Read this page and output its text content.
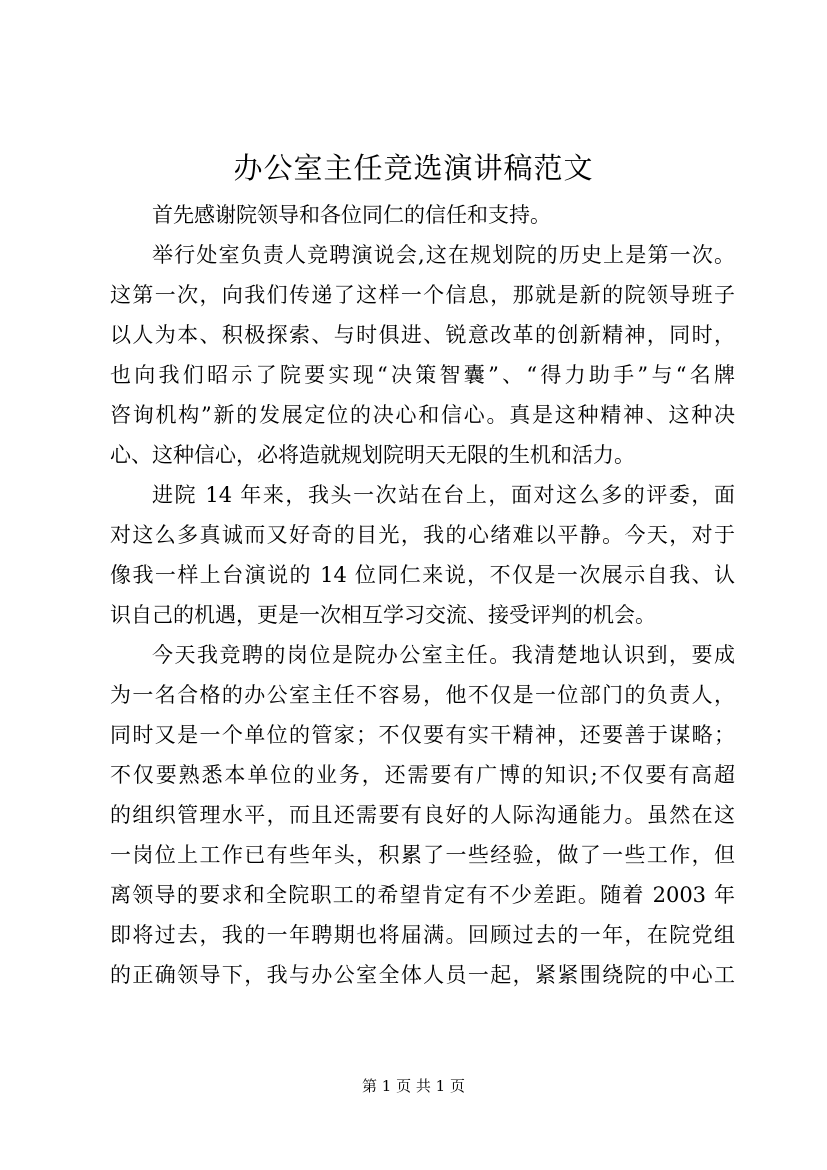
办公室主任竞选演讲稿范文
首先感谢院领导和各位同仁的信任和支持。
举行处室负责人竞聘演说会,这在规划院的历史上是第一次。
这第一次，向我们传递了这样一个信息，那就是新的院领导班子
以人为本、积极探索、与时俱进、锐意改革的创新精神，同时，
也向我们昭示了院要实现“决策智囊”、“得力助手”与“名牌
咨询机构”新的发展定位的决心和信心。真是这种精神、这种决
心、这种信心，必将造就规划院明天无限的生机和活力。
进院 14 年来，我头一次站在台上，面对这么多的评委，面
对这么多真诚而又好奇的目光，我的心绪难以平静。今天，对于
像我一样上台演说的 14 位同仁来说，不仅是一次展示自我、认
识自己的机遇，更是一次相互学习交流、接受评判的机会。
今天我竞聘的岗位是院办公室主任。我清楚地认识到，要成
为一名合格的办公室主任不容易，他不仅是一位部门的负责人，
同时又是一个单位的管家；不仅要有实干精神，还要善于谋略；
不仅要熟悉本单位的业务，还需要有广博的知识;不仅要有高超
的组织管理水平，而且还需要有良好的人际沟通能力。虽然在这
一岗位上工作已有些年头，积累了一些经验，做了一些工作，但
离领导的要求和全院职工的希望肯定有不少差距。随着 2003 年
即将过去，我的一年聘期也将届满。回顾过去的一年，在院党组
的正确领导下，我与办公室全体人员一起，紧紧围绕院的中心工
第 1 页 共 1 页
